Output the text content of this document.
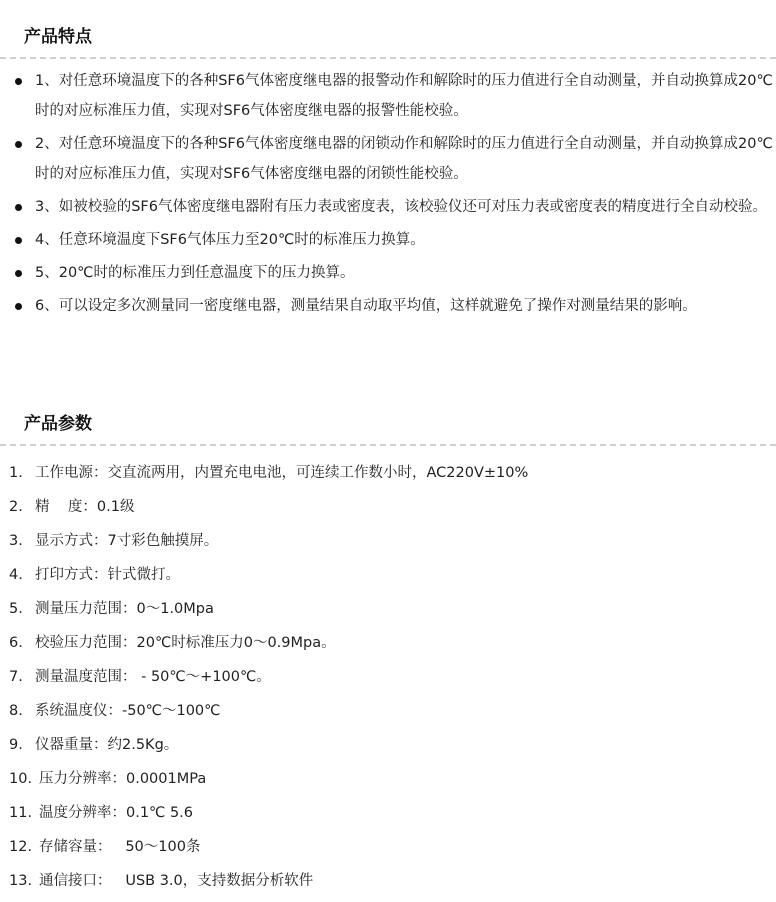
产品特点
1、对任意环境温度下的各种SF6气体密度继电器的报警动作和解除时的压力值进行全自动测量，并自动换算成20℃时的对应标准压力值，实现对SF6气体密度继电器的报警性能校验。
2、对任意环境温度下的各种SF6气体密度继电器的闭锁动作和解除时的压力值进行全自动测量，并自动换算成20℃时的对应标准压力值，实现对SF6气体密度继电器的闭锁性能校验。
3、如被校验的SF6气体密度继电器附有压力表或密度表，该校验仪还可对压力表或密度表的精度进行全自动校验。
4、任意环境温度下SF6气体压力至20℃时的标准压力换算。
5、20℃时的标准压力到任意温度下的压力换算。
6、可以设定多次测量同一密度继电器，测量结果自动取平均值，这样就避免了操作对测量结果的影响。
产品参数
1. 工作电源：交直流两用，内置充电电池，可连续工作数小时，AC220V±10%
2. 精    度：0.1级
3. 显示方式：7寸彩色触摸屏。
4. 打印方式：针式微打。
5. 测量压力范围：0～1.0Mpa
6. 校验压力范围：20℃时标准压力0～0.9Mpa。
7. 测量温度范围： - 50℃～+100℃。
8. 系统温度仪：-50℃～100℃
9. 仪器重量：约2.5Kg。
10. 压力分辨率：0.0001MPa
11. 温度分辨率：0.1℃ 5.6
12. 存储容量：   50～100条
13. 通信接口：   USB 3.0，支持数据分析软件
